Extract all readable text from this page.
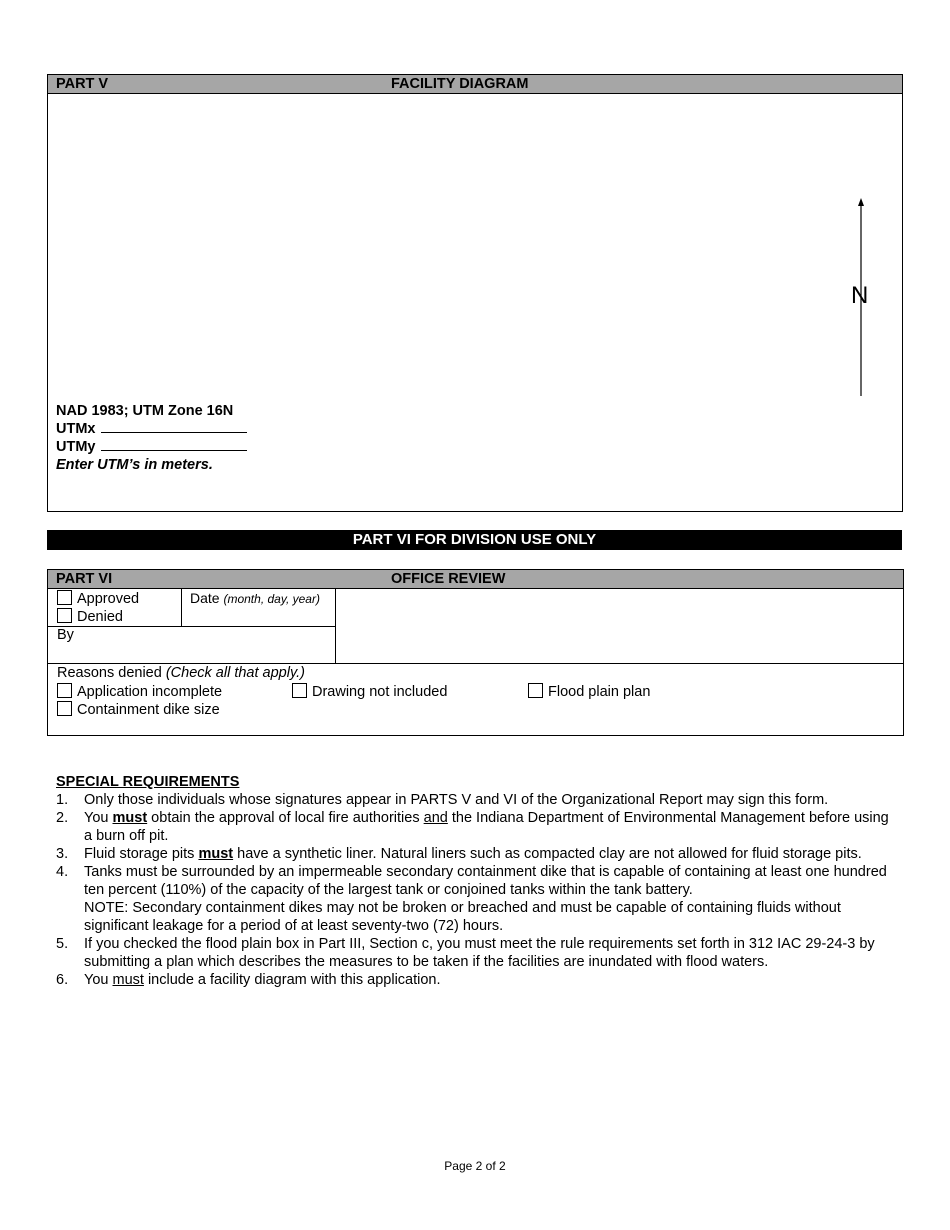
PART V	FACILITY DIAGRAM
N
NAD 1983; UTM Zone 16N
UTMx
UTMy
Enter UTM’s in meters.
PART VI FOR DIVISION USE ONLY
PART VI	OFFICE REVIEW
Approved
Denied
Date (month, day, year)
By
Reasons denied (Check all that apply.)
Application incomplete	Drawing not included	Flood plain plan
Containment dike size
SPECIAL REQUIREMENTS
1. Only those individuals whose signatures appear in PARTS V and VI of the Organizational Report may sign this form.
2. You must obtain the approval of local fire authorities and the Indiana Department of Environmental Management before using a burn off pit.
3. Fluid storage pits must have a synthetic liner. Natural liners such as compacted clay are not allowed for fluid storage pits.
4. Tanks must be surrounded by an impermeable secondary containment dike that is capable of containing at least one hundred ten percent (110%) of the capacity of the largest tank or conjoined tanks within the tank battery.
NOTE: Secondary containment dikes may not be broken or breached and must be capable of containing fluids without significant leakage for a period of at least seventy-two (72) hours.
5. If you checked the flood plain box in Part III, Section c, you must meet the rule requirements set forth in 312 IAC 29-24-3 by submitting a plan which describes the measures to be taken if the facilities are inundated with flood waters.
6. You must include a facility diagram with this application.
Page 2 of 2
